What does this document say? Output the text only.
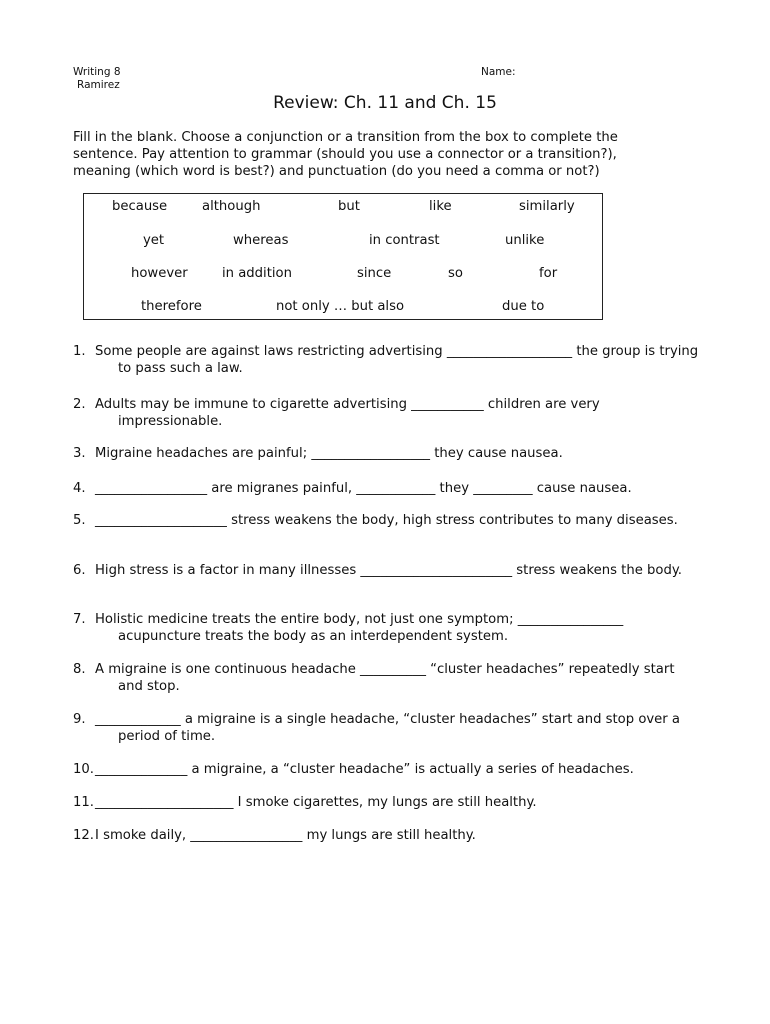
Writing 8
Ramirez
Name:
Review: Ch. 11 and Ch. 15
Fill in the blank. Choose a conjunction or a transition from the box to complete the sentence. Pay attention to grammar (should you use a connector or a transition?), meaning (which word is best?) and punctuation (do you need a comma or not?)
because	although	but	like	similarly
yet	whereas	in contrast	unlike
however	in addition	since	so	for
therefore	not only … but also	due to
1. Some people are against laws restricting advertising ___________________ the group is trying to pass such a law.
2. Adults may be immune to cigarette advertising ___________ children are very impressionable.
3. Migraine headaches are painful; __________________ they cause nausea.
4. _________________ are migranes painful, ____________ they _________ cause nausea.
5. ____________________ stress weakens the body, high stress contributes to many diseases.
6. High stress is a factor in many illnesses _______________________ stress weakens the body.
7. Holistic medicine treats the entire body, not just one symptom; ________________ acupuncture treats the body as an interdependent system.
8. A migraine is one continuous headache __________ “cluster headaches” repeatedly start and stop.
9. _____________ a migraine is a single headache, “cluster headaches” start and stop over a period of time.
10. ______________ a migraine, a “cluster headache” is actually a series of headaches.
11. _____________________ I smoke cigarettes, my lungs are still healthy.
12. I smoke daily, _________________ my lungs are still healthy.
